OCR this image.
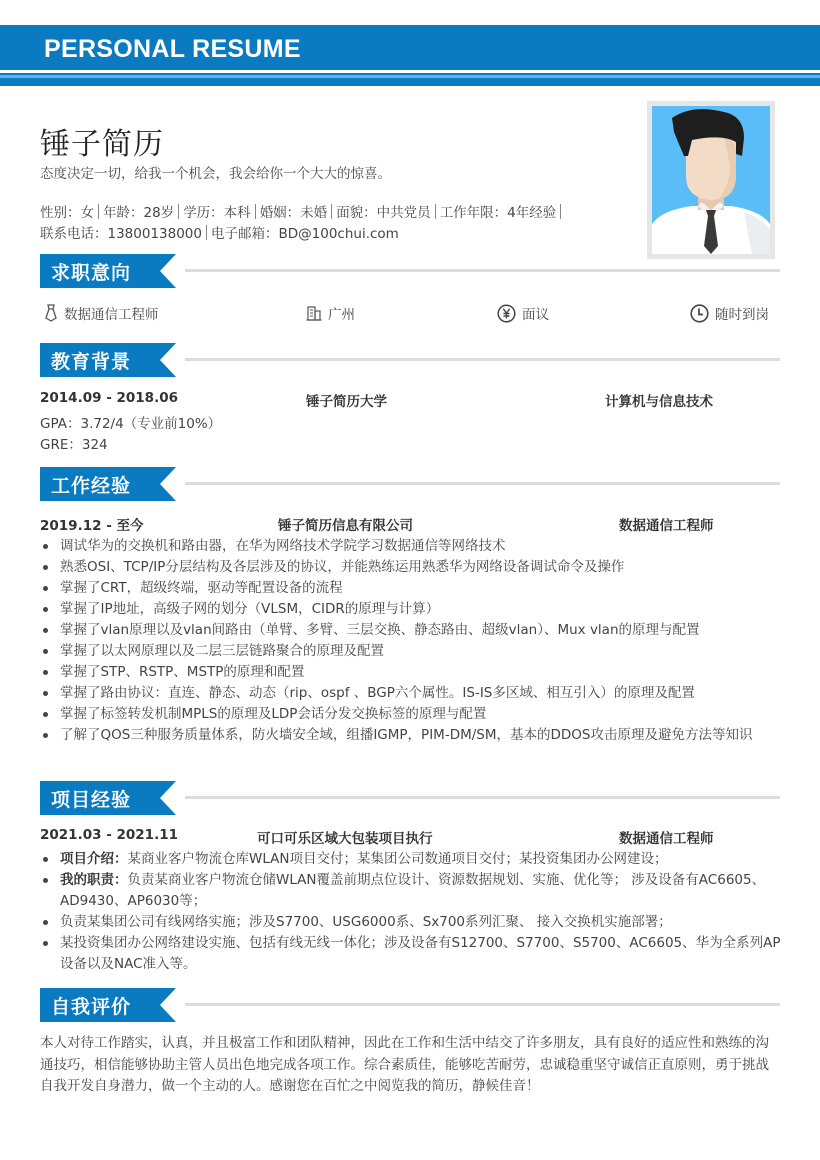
PERSONAL RESUME
锤子简历
态度决定一切，给我一个机会，我会给你一个大大的惊喜。
性别：女 年龄：28岁 学历：本科 婚姻：未婚 面貌：中共党员 工作年限：4年经验
联系电话：13800138000 电子邮箱：BD@100chui.com
求职意向
数据通信工程师	广州	面议	随时到岗
教育背景
2014.09 - 2018.06	锤子简历大学	计算机与信息技术
GPA：3.72/4（专业前10%）
GRE：324
工作经验
2019.12 - 至今	锤子简历信息有限公司	数据通信工程师
调试华为的交换机和路由器，在华为网络技术学院学习数据通信等网络技术
熟悉OSI、TCP/IP分层结构及各层涉及的协议，并能熟练运用熟悉华为网络设备调试命令及操作
掌握了CRT，超级终端，驱动等配置设备的流程
掌握了IP地址，高级子网的划分（VLSM，CIDR的原理与计算）
掌握了vlan原理以及vlan间路由（单臂、多臂、三层交换、静态路由、超级vlan）、Mux vlan的原理与配置
掌握了以太网原理以及二层三层链路聚合的原理及配置
掌握了STP、RSTP、MSTP的原理和配置
掌握了路由协议：直连、静态、动态（rip、ospf 、BGP六个属性。IS-IS多区域、相互引入）的原理及配置
掌握了标签转发机制MPLS的原理及LDP会话分发交换标签的原理与配置
了解了QOS三种服务质量体系，防火墙安全域，组播IGMP，PIM-DM/SM，基本的DDOS攻击原理及避免方法等知识
项目经验
2021.03 - 2021.11	可口可乐区域大包装项目执行	数据通信工程师
项目介绍：某商业客户物流仓库WLAN项目交付；某集团公司数通项目交付；某投资集团办公网建设；
我的职责：负责某商业客户物流仓储WLAN覆盖前期点位设计、资源数据规划、实施、优化等； 涉及设备有AC6605、AD9430、AP6030等；
负责某集团公司有线网络实施；涉及S7700、USG6000系、Sx700系列汇聚、 接入交换机实施部署；
某投资集团办公网络建设实施、包括有线无线一体化；涉及设备有S12700、S7700、S5700、AC6605、华为全系列AP设备以及NAC准入等。
自我评价
本人对待工作踏实，认真，并且极富工作和团队精神，因此在工作和生活中结交了许多朋友，具有良好的适应性和熟练的沟通技巧，相信能够协助主管人员出色地完成各项工作。综合素质佳，能够吃苦耐劳，忠诚稳重坚守诚信正直原则，勇于挑战自我开发自身潜力，做一个主动的人。感谢您在百忙之中阅览我的简历，静候佳音！
